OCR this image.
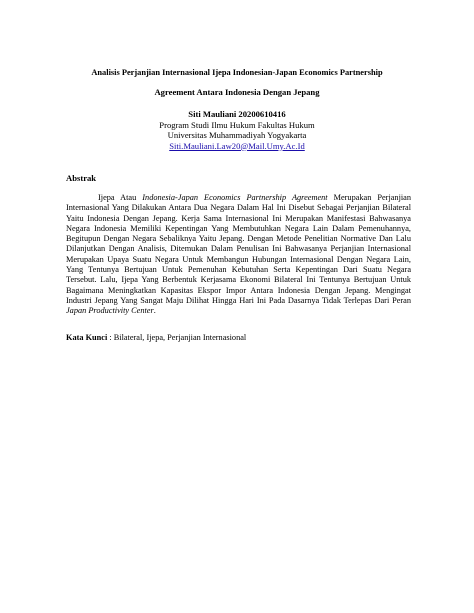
Analisis Perjanjian Internasional Ijepa Indonesian-Japan Economics Partnership
Agreement Antara Indonesia Dengan Jepang
Siti Mauliani 20200610416
Program Studi Ilmu Hukum Fakultas Hukum
Universitas Muhammadiyah Yogyakarta
Siti.Mauliani.Law20@Mail.Umy.Ac.Id
Abstrak
Ijepa Atau Indonesia-Japan Economics Partnership Agreement Merupakan Perjanjian Internasional Yang Dilakukan Antara Dua Negara Dalam Hal Ini Disebut Sebagai Perjanjian Bilateral Yaitu Indonesia Dengan Jepang. Kerja Sama Internasional Ini Merupakan Manifestasi Bahwasanya Negara Indonesia Memiliki Kepentingan Yang Membutuhkan Negara Lain Dalam Pemenuhannya, Begitupun Dengan Negara Sebaliknya Yaitu Jepang. Dengan Metode Penelitian Normative Dan Lalu Dilanjutkan Dengan Analisis, Ditemukan Dalam Penulisan Ini Bahwasanya Perjanjian Internasional Merupakan Upaya Suatu Negara Untuk Membangun Hubungan Internasional Dengan Negara Lain, Yang Tentunya Bertujuan Untuk Pemenuhan Kebutuhan Serta Kepentingan Dari Suatu Negara Tersebut. Lalu, Ijepa Yang Berbentuk Kerjasama Ekonomi Bilateral Ini Tentunya Bertujuan Untuk Bagaimana Meningkatkan Kapasitas Ekspor Impor Antara Indonesia Dengan Jepang. Mengingat Industri Jepang Yang Sangat Maju Dilihat Hingga Hari Ini Pada Dasarnya Tidak Terlepas Dari Peran Japan Productivity Center.
Kata Kunci : Bilateral, Ijepa, Perjanjian Internasional
